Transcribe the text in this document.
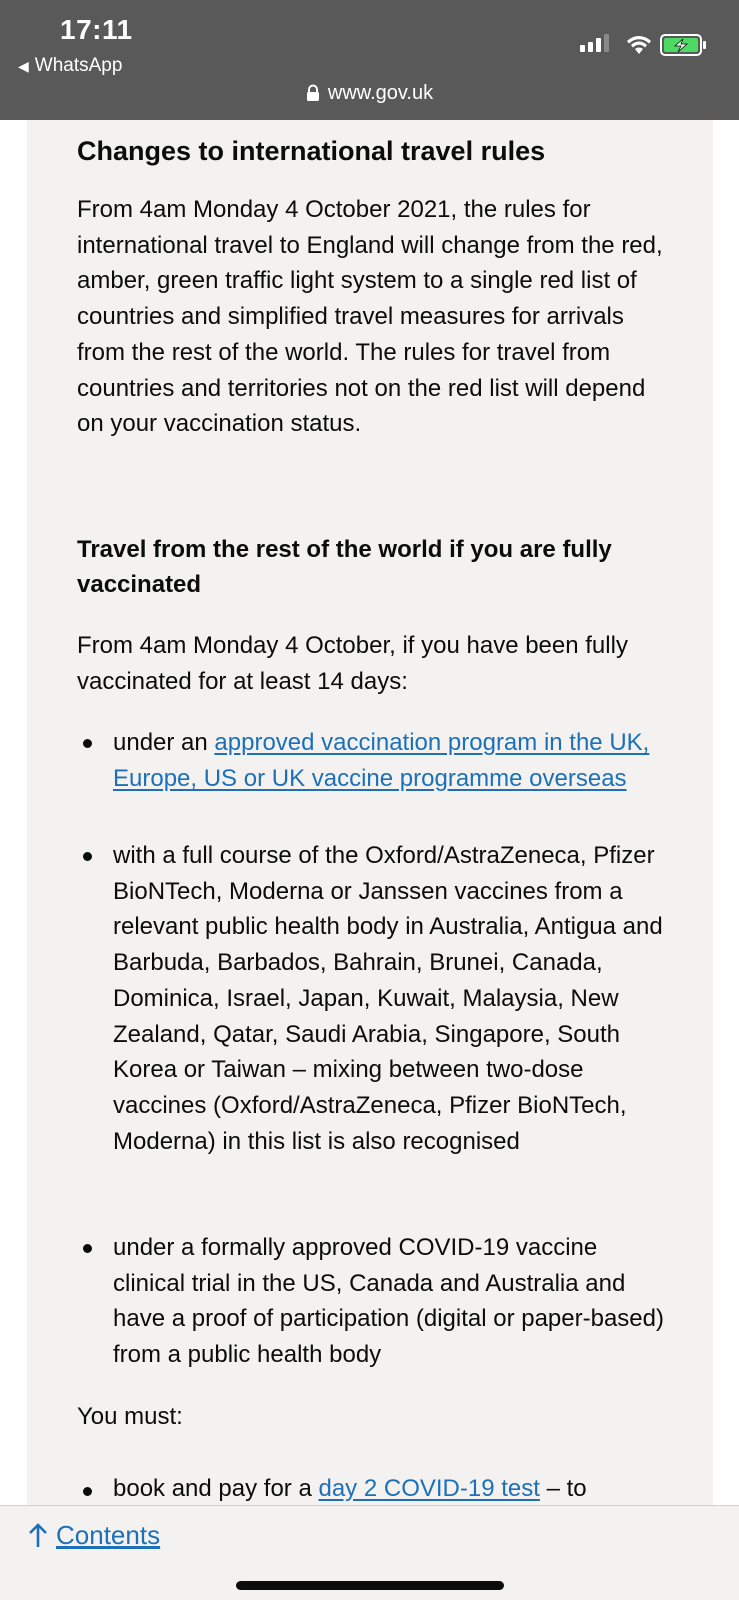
17:11
◀ WhatsApp
www.gov.uk
Changes to international travel rules

From 4am Monday 4 October 2021, the rules for international travel to England will change from the red, amber, green traffic light system to a single red list of countries and simplified travel measures for arrivals from the rest of the world. The rules for travel from countries and territories not on the red list will depend on your vaccination status.

Travel from the rest of the world if you are fully vaccinated

From 4am Monday 4 October, if you have been fully vaccinated for at least 14 days:

under an approved vaccination program in the UK, Europe, US or UK vaccine programme overseas
with a full course of the Oxford/AstraZeneca, Pfizer BioNTech, Moderna or Janssen vaccines from a relevant public health body in Australia, Antigua and Barbuda, Barbados, Bahrain, Brunei, Canada, Dominica, Israel, Japan, Kuwait, Malaysia, New Zealand, Qatar, Saudi Arabia, Singapore, South Korea or Taiwan – mixing between two-dose vaccines (Oxford/AstraZeneca, Pfizer BioNTech, Moderna) in this list is also recognised
under a formally approved COVID-19 vaccine clinical trial in the US, Canada and Australia and have a proof of participation (digital or paper-based) from a public health body

You must:

book and pay for a day 2 COVID-19 test – to
Contents
